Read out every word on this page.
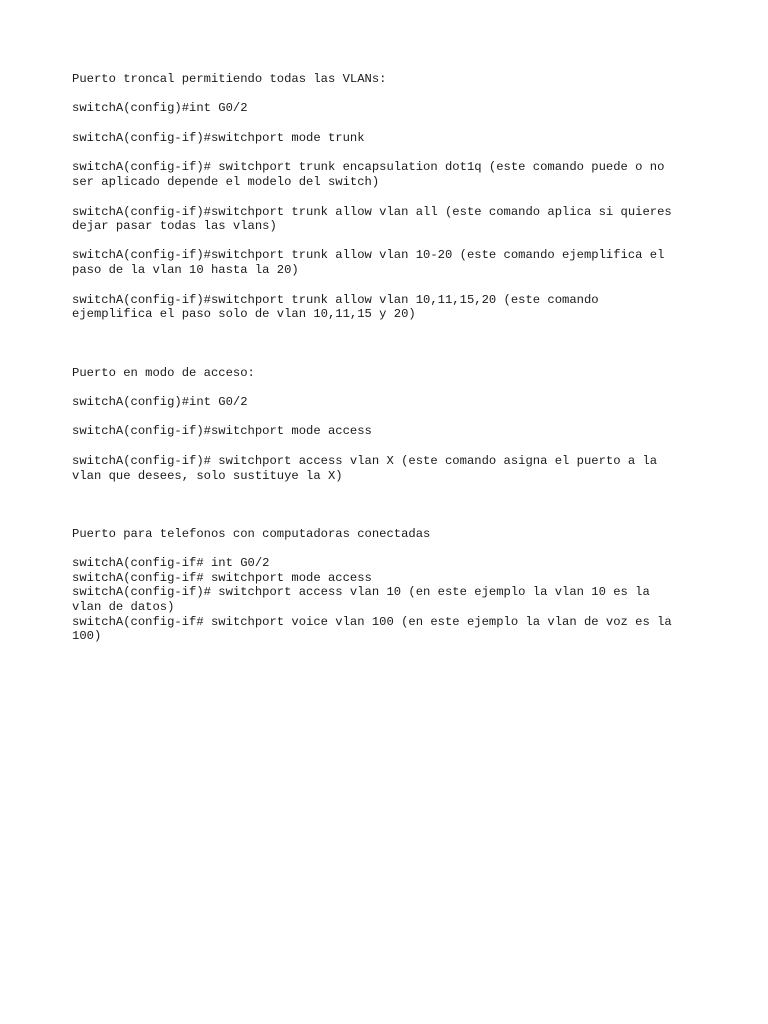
Puerto troncal permitiendo todas las VLANs:

switchA(config)#int G0/2

switchA(config-if)#switchport mode trunk

switchA(config-if)# switchport trunk encapsulation dot1q (este comando puede o no

ser aplicado depende el modelo del switch)

switchA(config-if)#switchport trunk allow vlan all (este comando aplica si quieres

dejar pasar todas las vlans)

switchA(config-if)#switchport trunk allow vlan 10-20 (este comando ejemplifica el

paso de la vlan 10 hasta la 20)

switchA(config-if)#switchport trunk allow vlan 10,11,15,20 (este comando

ejemplifica el paso solo de vlan 10,11,15 y 20)

Puerto en modo de acceso:

switchA(config)#int G0/2

switchA(config-if)#switchport mode access

switchA(config-if)# switchport access vlan X (este comando asigna el puerto a la

vlan que desees, solo sustituye la X)

Puerto para telefonos con computadoras conectadas

switchA(config-if# int G0/2

switchA(config-if# switchport mode access

switchA(config-if)# switchport access vlan 10 (en este ejemplo la vlan 10 es la

vlan de datos)

switchA(config-if# switchport voice vlan 100 (en este ejemplo la vlan de voz es la

100)
